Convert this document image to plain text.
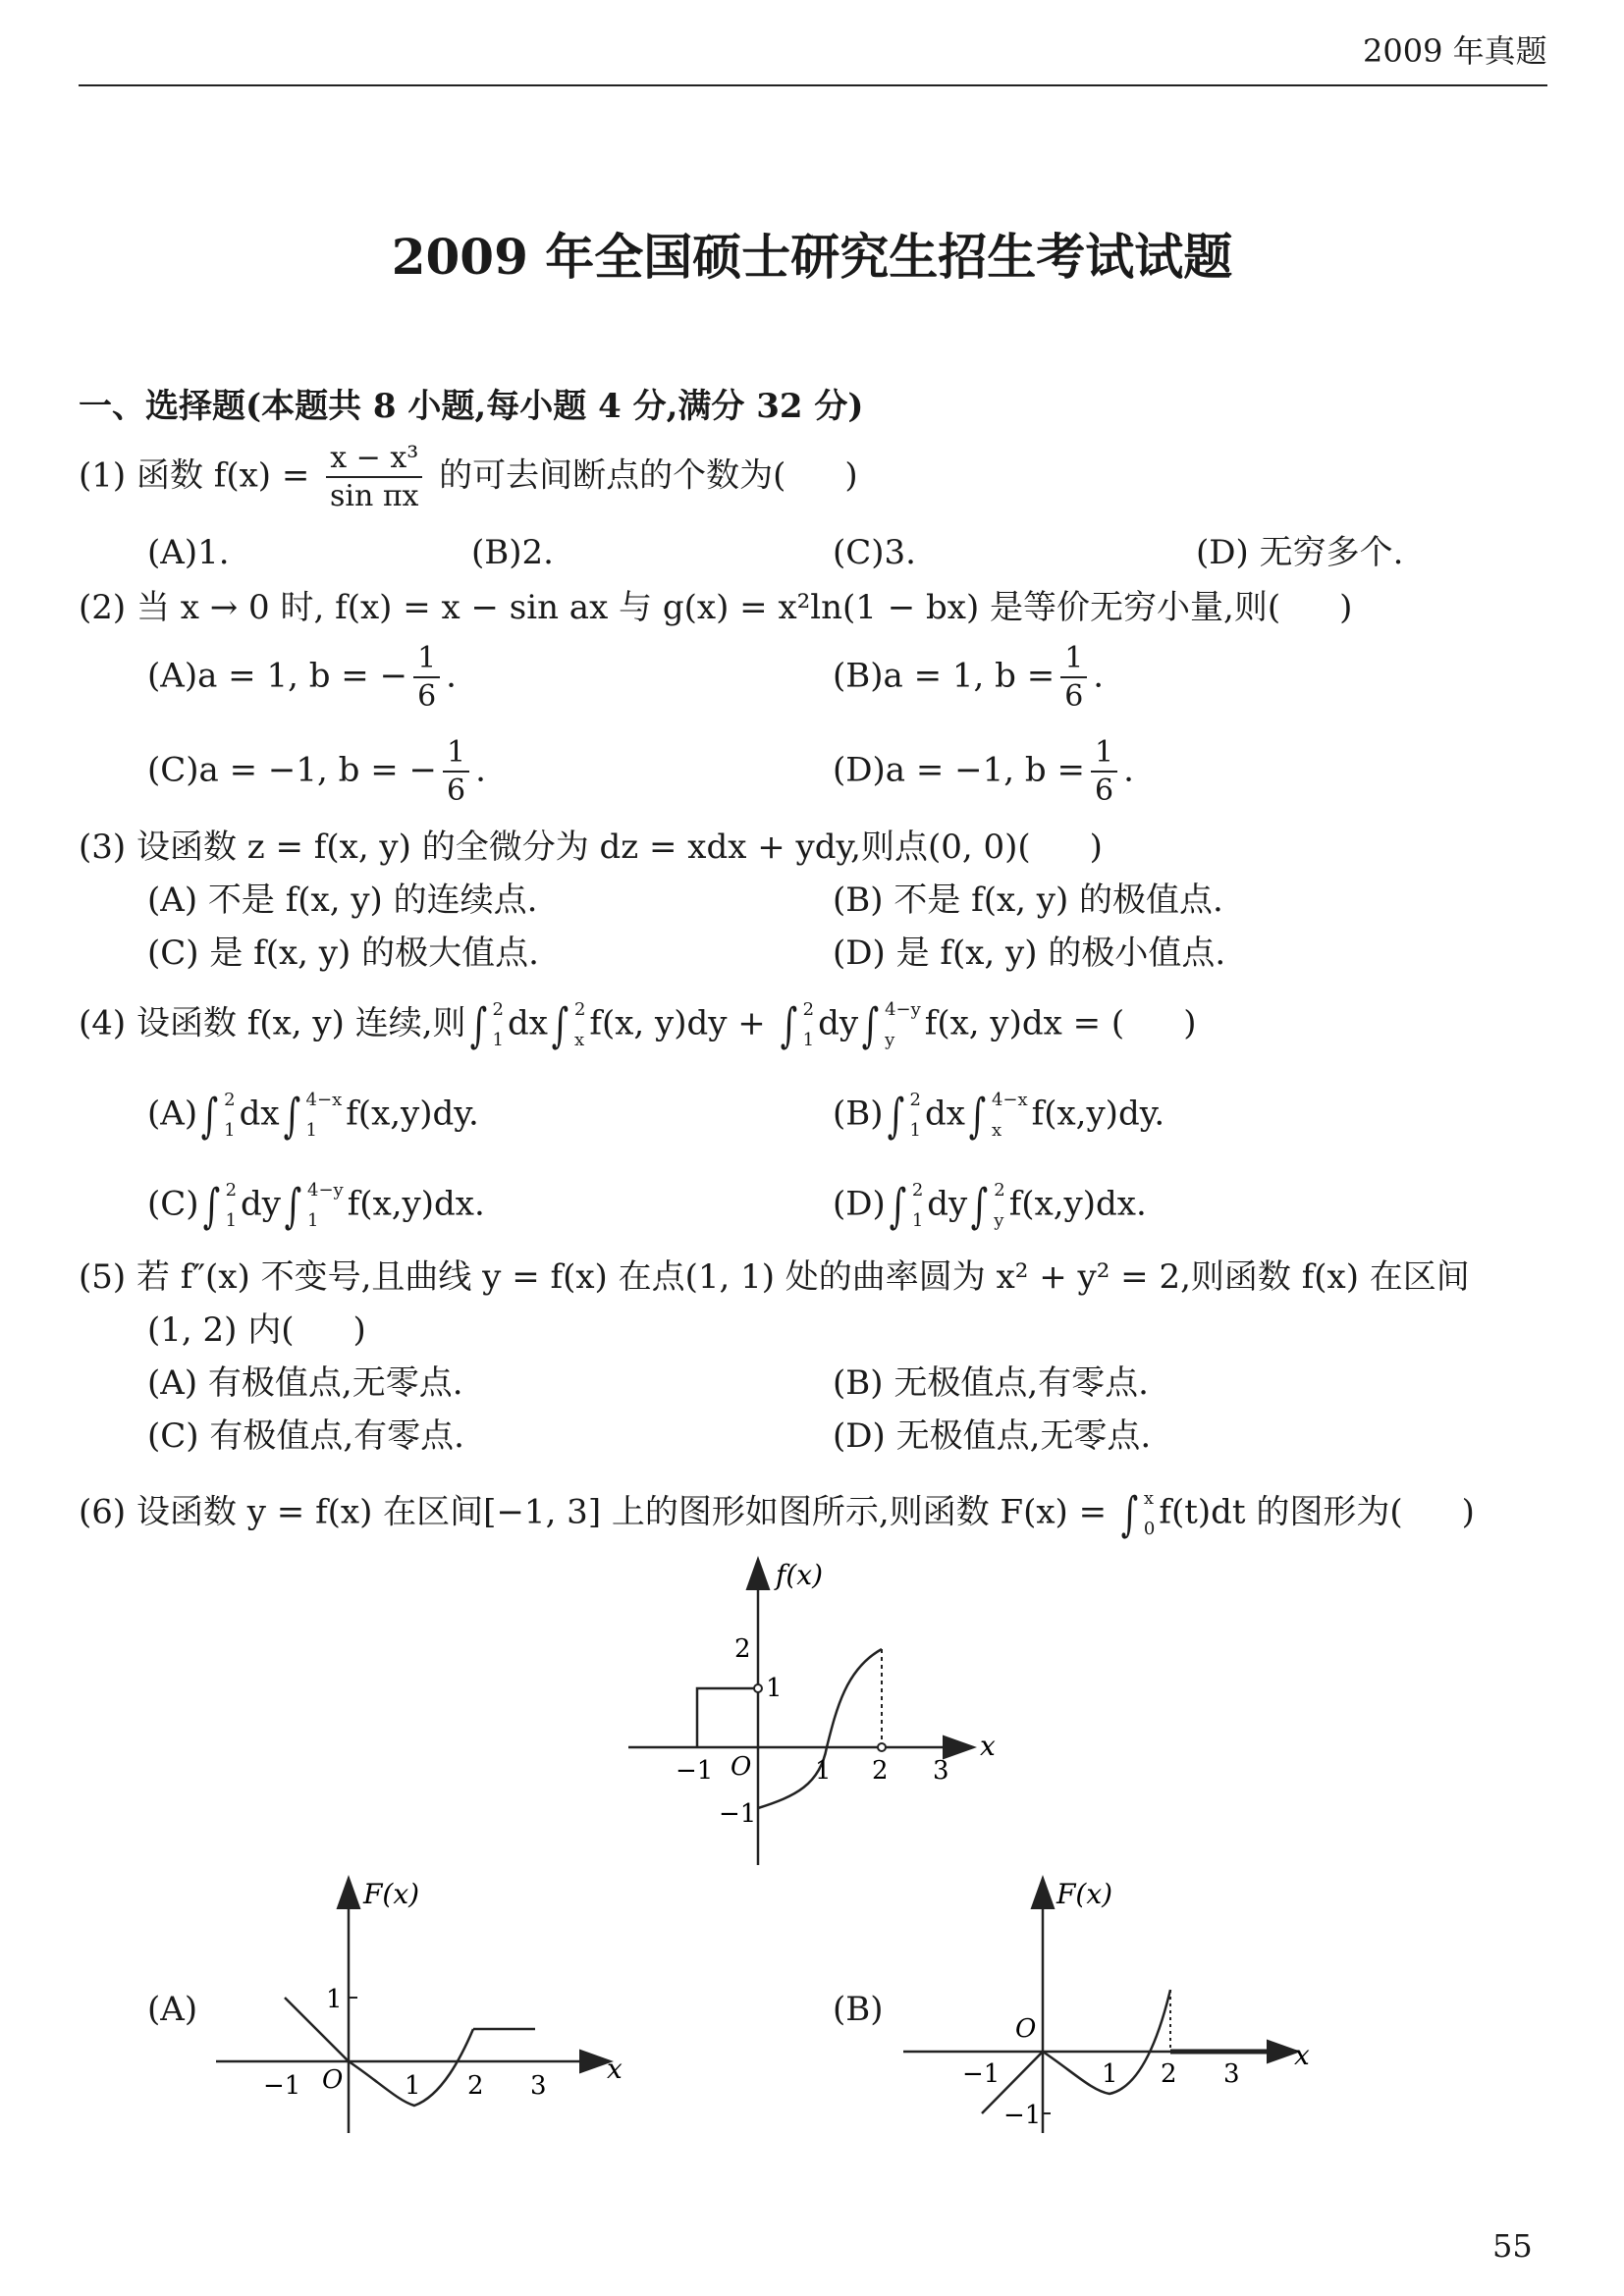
2009 年真题
2009 年全国硕士研究生招生考试试题
一、选择题(本题共 8 小题,每小题 4 分,满分 32 分)
(1) 函数 $f(x) = \frac{\text{x − x³}}{\text{sin πx}}$ 的可去间断点的个数为( )
(A)1.	(B)2.	(C)3.	(D) 无穷多个.
(2) 当 x → 0 时, f(x) = x − sin ax 与 g(x) = x²ln(1 − bx) 是等价无穷小量,则( )
(A)a = 1, b = − $\frac{1}{6}$ .	(B)a = 1, $b = \frac{1}{6}$ .
(C)a = −1, b = − $\frac{1}{6}$ .	(D)a = −1, $b = \frac{1}{6}$ .
(3) 设函数 z = f(x, y) 的全微分为 dz = xdx + ydy,则点(0, 0)( )
(A) 不是 f(x, y) 的连续点.	(B) 不是 f(x, y) 的极值点.
(C) 是 f(x, y) 的极大值点.	(D) 是 f(x, y) 的极小值点.
(4) 设函数 f(x, y) 连续,则∫ 2
1 dx∫ 2
x f(x, y)dy + ∫ 2
1 dy∫ 4−y
y f(x, y)dx = ( )
(A)∫ 2
1 dx∫ 4−x
1 f(x,y)dy.	(B)∫ 2
1 dx∫ 4−x
x f(x,y)dy.
(C)∫ 2
1 dy∫ 4−y
1 f(x,y)dx.	(D)∫ 2
1 dy∫ 2
y f(x,y)dx.
(5) 若 f″(x) 不变号,且曲线 y = f(x) 在点(1, 1) 处的曲率圆为 x² + y² = 2,则函数 f(x) 在区间
(1, 2) 内( )
(A) 有极值点,无零点.	(B) 无极值点,有零点.
(C) 有极值点,有零点.	(D) 无极值点,无零点.
(6) 设函数 y = f(x) 在区间[−1, 3] 上的图形如图所示,则函数 F(x) = ∫ x
0 f(t)dt 的图形为( )
f(x)
x
O
−1	1 2 3
2
1
−1
(A)
F(x)
x
O
−1	1 2 3
1	(B)
F(x)
x
O
−1	1 2 3
−1
55
